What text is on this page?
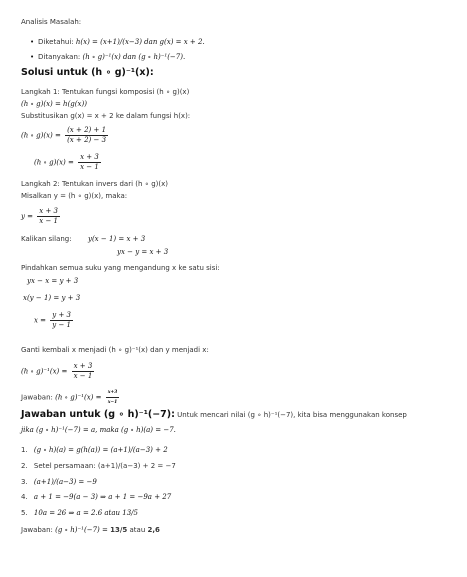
Analisis Masalah:
• Diketahui: h(x) = (x+1)/(x−3) dan g(x) = x + 2.
• Ditanyakan: (h ∘ g)⁻¹(x) dan (g ∘ h)⁻¹(−7).
Solusi untuk (h ∘ g)⁻¹(x):
Langkah 1: Tentukan fungsi komposisi (h ∘ g)(x)
(h ∘ g)(x) = h(g(x))
Substitusikan g(x) = x + 2 ke dalam fungsi h(x):
(h ∘ $g)(x) = \frac{(x + 2) + 1}{(x + 2) - 3}$
(h ∘ $g)(x) = \frac{x + 3}{x - 1}$
Langkah 2: Tentukan invers dari (h ∘ g)(x)
Misalkan y = (h ∘ g)(x), maka:
$y = \frac{x + 3}{x - 1}$
Kalikan silang: y(x − 1) = x + 3
yx − y = x + 3
Pindahkan semua suku yang mengandung x ke satu sisi:
yx − x = y + 3
x(y − 1) = y + 3
$x = \frac{y + 3}{y - 1}$
Ganti kembali x menjadi (h ∘ g)⁻¹(x) dan y menjadi x:
(h ∘ $g)^{-1}(x) = \frac{x + 3}{x - 1}$
Jawaban: (h ∘ $g)^{-1}(x) = \frac{x+3}{x-1}$
Jawaban untuk (g ∘ h)⁻¹(−7): Untuk mencari nilai (g ∘ h)⁻¹(−7), kita bisa menggunakan konsep
jika (g ∘ h)⁻¹(−7) = a, maka (g ∘ h)(a) = −7.
1. (g ∘ h)(a) = g(h(a)) = (a+1)/(a−3) + 2
2. Setel persamaan: (a+1)/(a−3) + 2 = −7
3. (a+1)/(a−3) = −9
4. a + 1 = −9(a − 3) ⇒ a + 1 = −9a + 27
5. 10a = 26 ⇒ a = 2.6 atau 13/5
Jawaban: (g ∘ h)⁻¹(−7) = 13/5 atau 2,6
